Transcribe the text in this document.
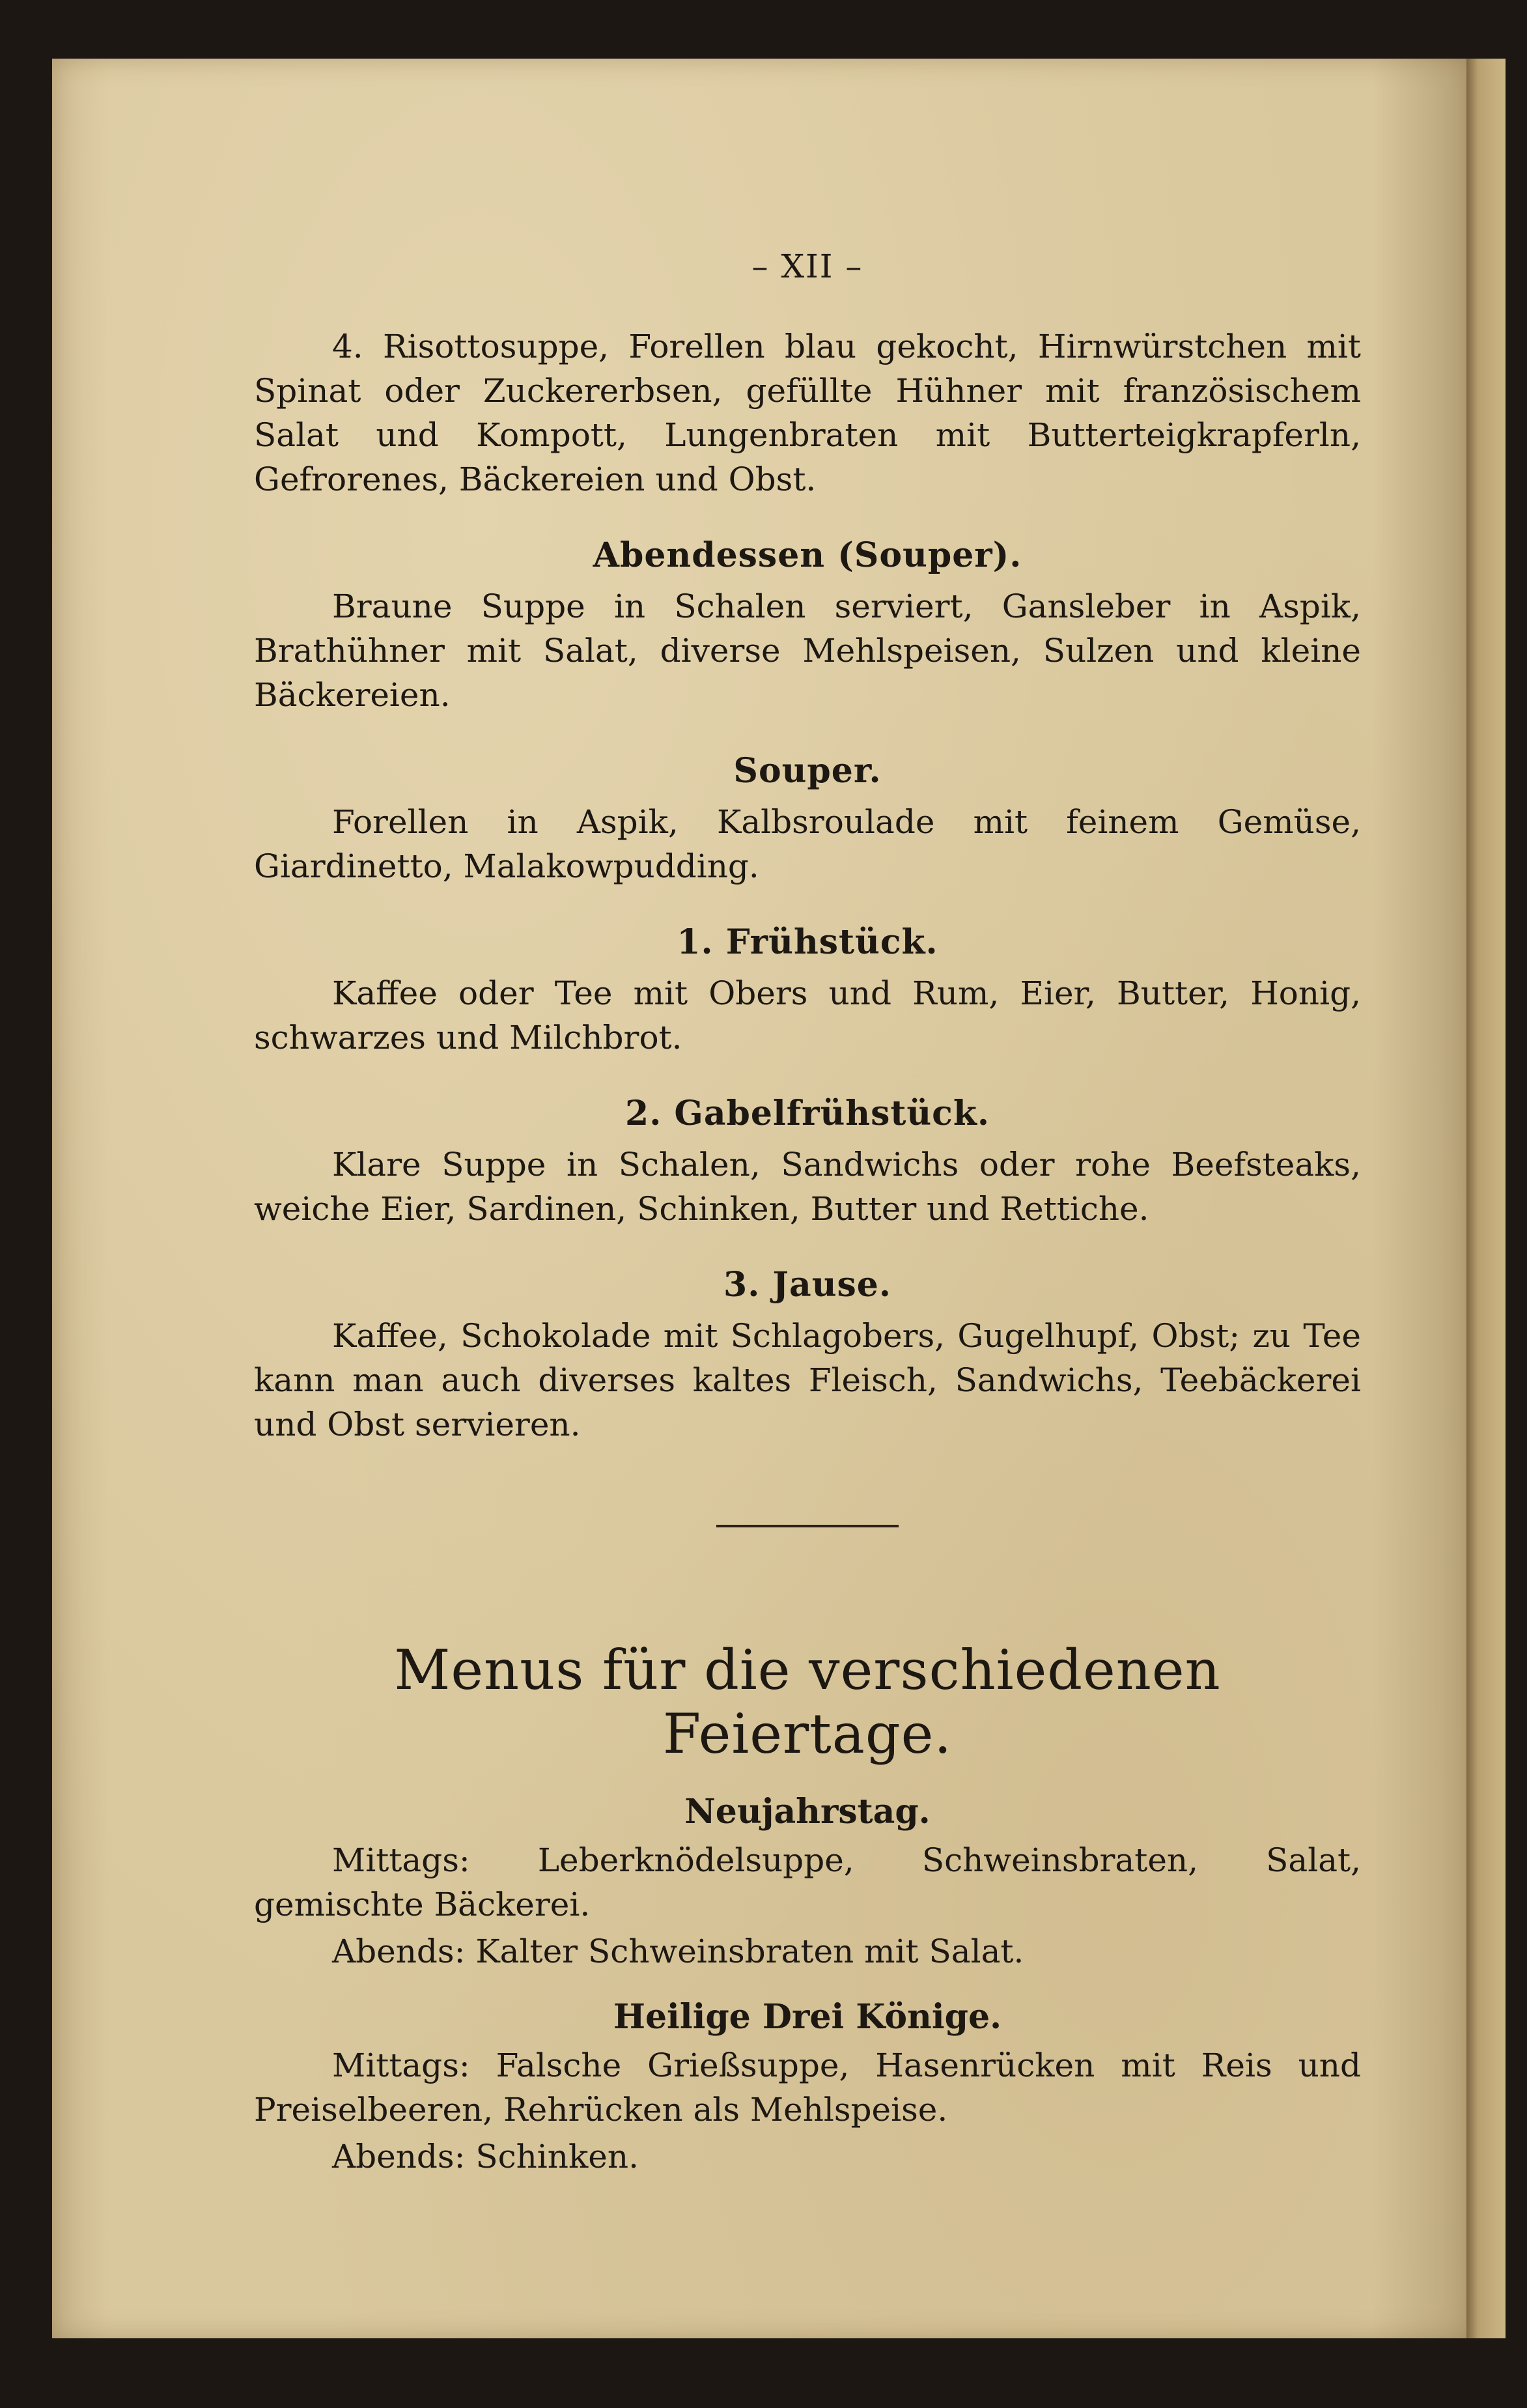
– XII –

4. Risottosuppe, Forellen blau gekocht, Hirnwürstchen mit Spinat oder Zuckererbsen, gefüllte Hühner mit französischem Salat und Kompott, Lungenbraten mit Butterteigkrapferln, Gefrorenes, Bäckereien und Obst.

Abendessen (Souper).

Braune Suppe in Schalen serviert, Gansleber in Aspik, Brathühner mit Salat, diverse Mehlspeisen, Sulzen und kleine Bäckereien.

Souper.

Forellen in Aspik, Kalbsroulade mit feinem Gemüse, Giardinetto, Malakowpudding.

1. Frühstück.

Kaffee oder Tee mit Obers und Rum, Eier, Butter, Honig, schwarzes und Milchbrot.

2. Gabelfrühstück.

Klare Suppe in Schalen, Sandwichs oder rohe Beefsteaks, weiche Eier, Sardinen, Schinken, Butter und Rettiche.

3. Jause.

Kaffee, Schokolade mit Schlagobers, Gugelhupf, Obst; zu Tee kann man auch diverses kaltes Fleisch, Sandwichs, Teebäckerei und Obst servieren.

Menus für die verschiedenen Feiertage.
Neujahrstag.

Mittags: Leberknödelsuppe, Schweinsbraten, Salat, gemischte Bäckerei.

Abends: Kalter Schweinsbraten mit Salat.

Heilige Drei Könige.

Mittags: Falsche Grießsuppe, Hasenrücken mit Reis und Preiselbeeren, Rehrücken als Mehlspeise.

Abends: Schinken.
